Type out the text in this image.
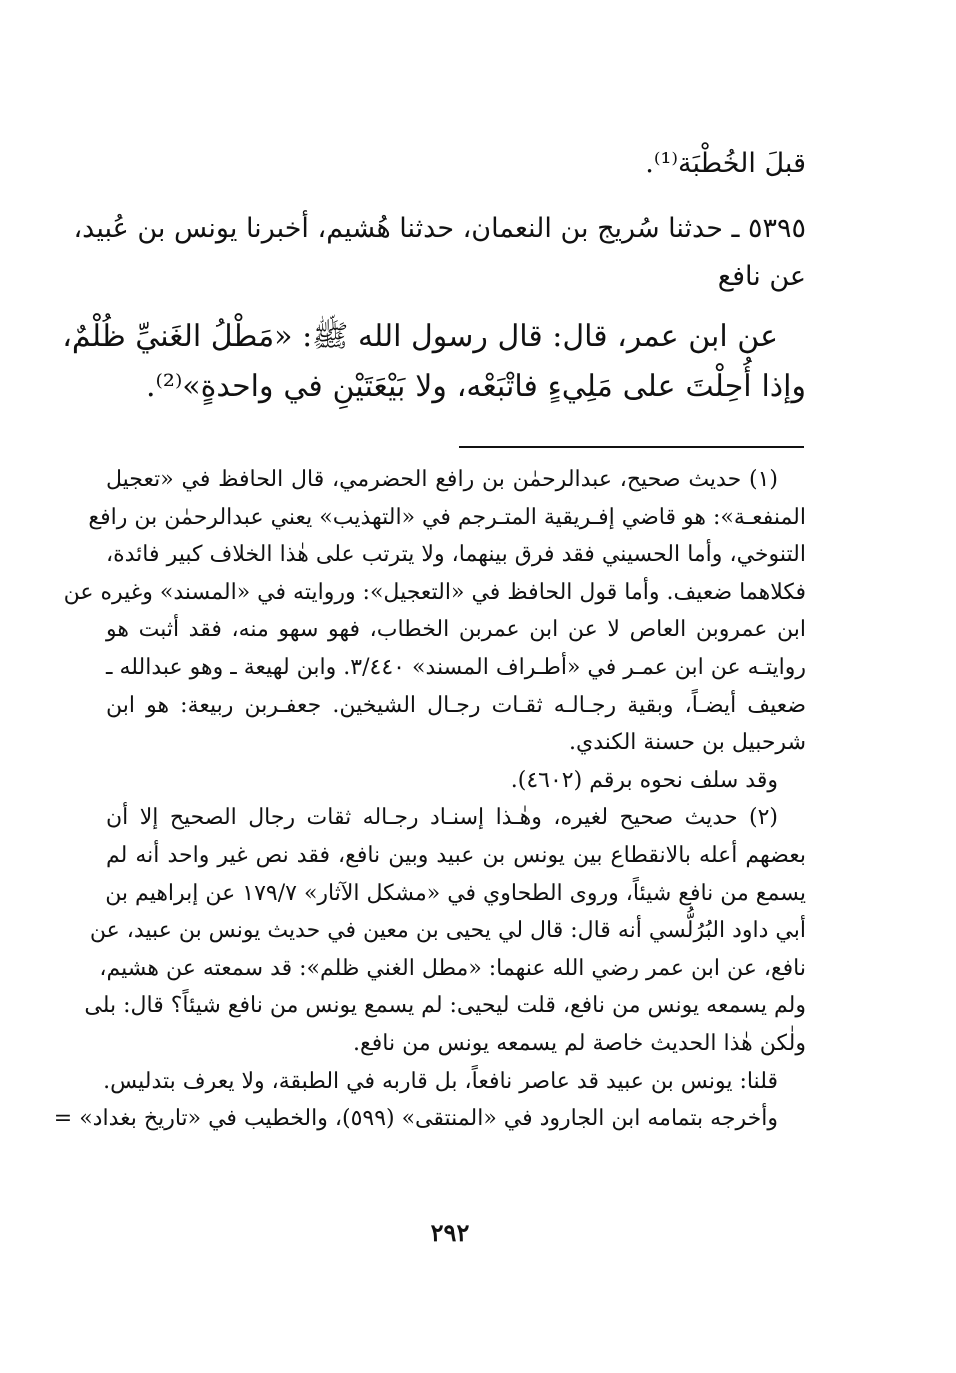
قبلَ الخُطْبَة⁽¹⁾.
٥٣٩٥ ـ حدثنا سُريج بن النعمان، حدثنا هُشيم، أخبرنا يونس بن عُبيد،
عن نافع
عن ابن عمر، قال: قال رسول الله ﷺ: «مَطْلُ الغَنيِّ ظُلْمٌ،
وإذا أُحِلْتَ على مَلِيءٍ فاتْبَعْه، ولا بَيْعَتَيْنِ في واحدةٍ»⁽²⁾.
(١) حديث صحيح، عبدالرحمٰن بن رافع الحضرمي، قال الحافظ في «تعجيل
المنفعـة»: هو قاضي إفـريقية المتـرجم في «التهذيب» يعني عبدالرحمٰن بن رافع
التنوخي، وأما الحسيني فقد فرق بينهما، ولا يترتب على هٰذا الخلاف كبير فائدة،
فكلاهما ضعيف. وأما قول الحافظ في «التعجيل»: وروايته في «المسند» وغيره عن
ابن عمروبن العاص لا عن ابن عمربن الخطاب، فهو سهو منه، فقد أثبت هو
روايتـه عن ابن عمـر في «أطـراف المسند» ٣/٤٤٠. وابن لهيعة ـ وهو عبدالله ـ
ضعيف أيضـاً، وبقية رجـالـه ثقـات رجـال الشيخين. جعفـربن ربيعة: هو ابن
شرحبيل بن حسنة الكندي.
وقد سلف نحوه برقم (٤٦٠٢).
(٢) حديث صحيح لغيره، وهٰـذا إسنـاد رجـاله ثقات رجال الصحيح إلا أن
بعضهم أعله بالانقطاع بين يونس بن عبيد وبين نافع، فقد نص غير واحد أنه لم
يسمع من نافع شيئاً، وروى الطحاوي في «مشكل الآثار» ١٧٩/٧ عن إبراهيم بن
أبي داود البُرُلُّسي أنه قال: قال لي يحيى بن معين في حديث يونس بن عبيد، عن
نافع، عن ابن عمر رضي الله عنهما: «مطل الغني ظلم»: قد سمعته عن هشيم،
ولم يسمعه يونس من نافع، قلت ليحيى: لم يسمع يونس من نافع شيئاً؟ قال: بلى
ولٰكن هٰذا الحديث خاصة لم يسمعه يونس من نافع.
قلنا: يونس بن عبيد قد عاصر نافعاً، بل قاربه في الطبقة، ولا يعرف بتدليس.
وأخرجه بتمامه ابن الجارود في «المنتقى» (٥٩٩)، والخطيب في «تاريخ بغداد» =
٢٩٢
